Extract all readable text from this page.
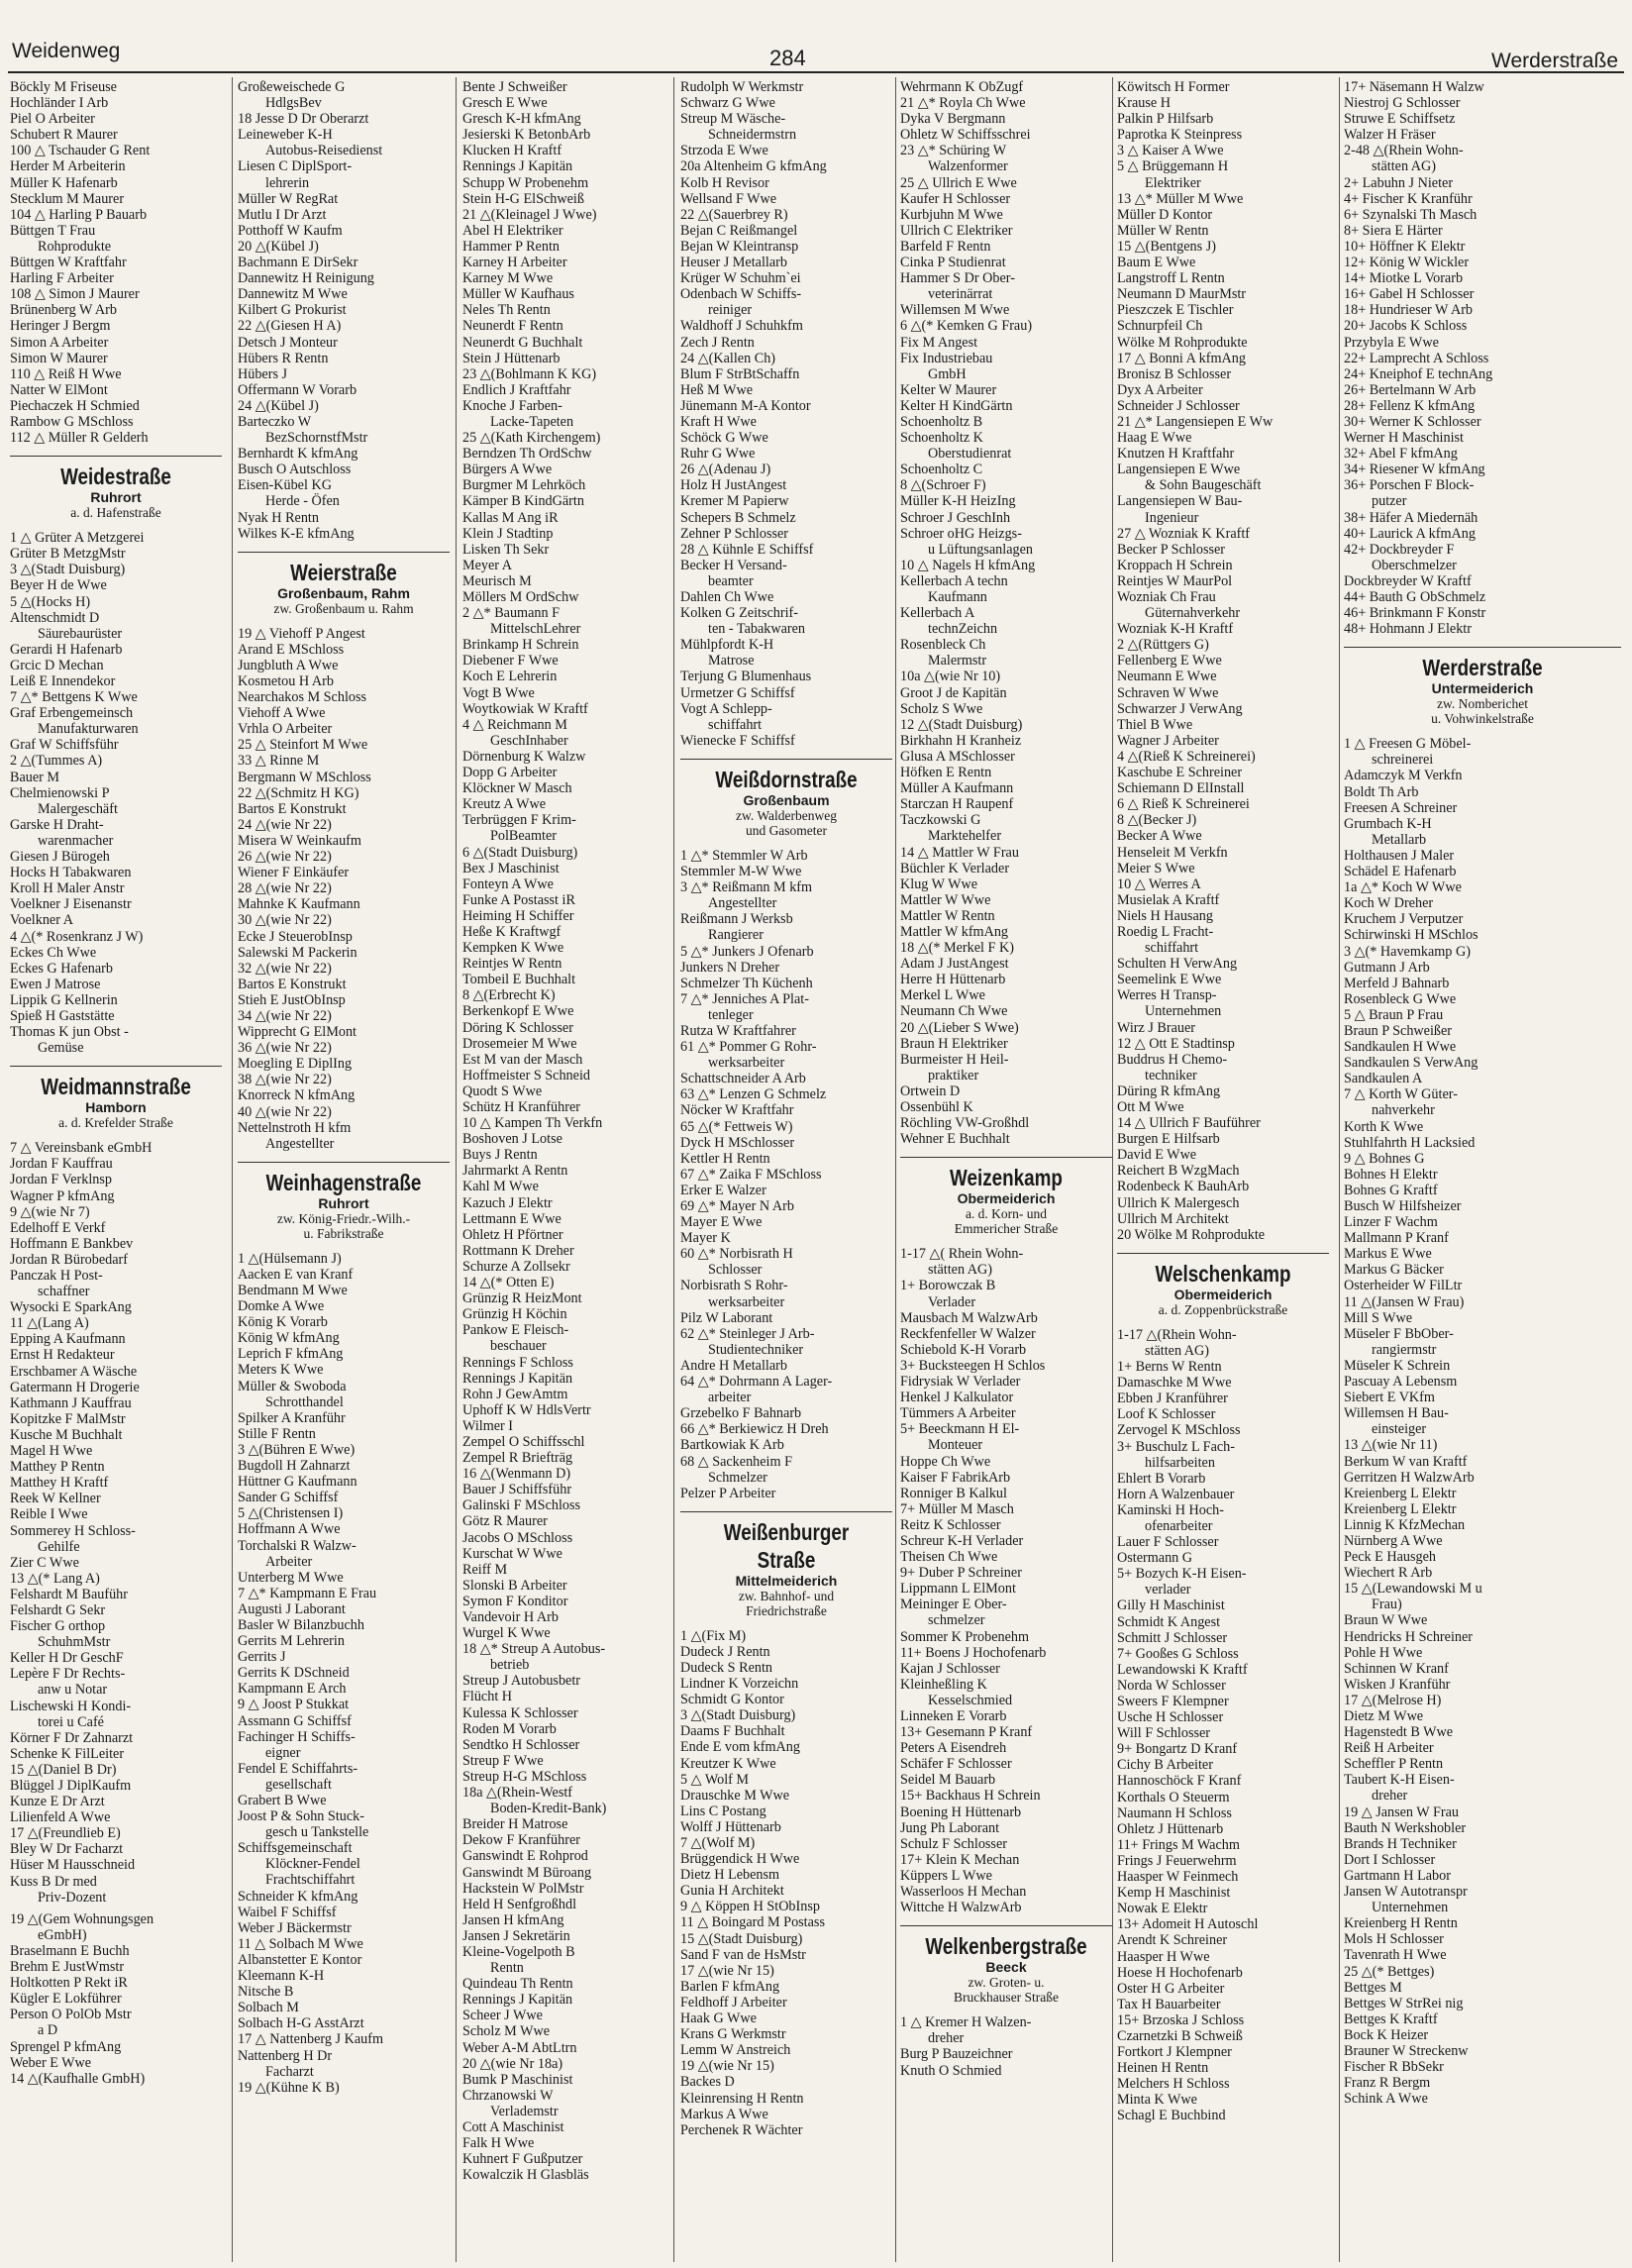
Weidenweg	284	Werderstraße
Böckly M Friseuse
Hochländer I Arb
Piel O Arbeiter
Schubert R Maurer
100 △ Tschauder G Rent
Herder M Arbeiterin
Müller K Hafenarb
Stecklum M Maurer
104 △ Harling P Bauarb
Büttgen T Frau
Rohprodukte
Büttgen W Kraftfahr
Harling F Arbeiter
108 △ Simon J Maurer
Brünenberg W Arb
Heringer J Bergm
Simon A Arbeiter
Simon W Maurer
110 △ Reiß H Wwe
Natter W ElMont
Piechaczek H Schmied
Rambow G MSchloss
112 △ Müller R Gelderh
Weidestraße
Ruhrort
a. d. Hafenstraße
1 △ Grüter A Metzgerei
Grüter B MetzgMstr
3 △(Stadt Duisburg)
Beyer H de Wwe
5 △(Hocks H)
Altenschmidt D
Säurebaurüster
Gerardi H Hafenarb
Grcic D Mechan
Leiß E Innendekor
7 △* Bettgens K Wwe
Graf Erbengemeinsch
Manufakturwaren
Graf W Schiffsführ
2 △(Tummes A)
Bauer M
Chelmienowski P
Malergeschäft
Garske H Draht-
warenmacher
Giesen J Bürogeh
Hocks H Tabakwaren
Kroll H Maler Anstr
Voelkner J Eisenanstr
Voelkner A
4 △(* Rosenkranz J W)
Eckes Ch Wwe
Eckes G Hafenarb
Ewen J Matrose
Lippik G Kellnerin
Spieß H Gaststätte
Thomas K jun Obst -
Gemüse
Weidmannstraße
Hamborn
a. d. Krefelder Straße
7 △ Vereinsbank eGmbH
Jordan F Kauffrau
Jordan F Verklnsp
Wagner P kfmAng
9 △(wie Nr 7)
Edelhoff E Verkf
Hoffmann E Bankbev
Jordan R Bürobedarf
Panczak H Post-
schaffner
Wysocki E SparkAng
11 △(Lang A)
Epping A Kaufmann
Ernst H Redakteur
Erschbamer A Wäsche
Gatermann H Drogerie
Kathmann J Kauffrau
Kopitzke F MalMstr
Kusche M Buchhalt
Magel H Wwe
Matthey P Rentn
Matthey H Kraftf
Reek W Kellner
Reible I Wwe
Sommerey H Schloss-
Gehilfe
Zier C Wwe
13 △(* Lang A)
Felshardt M Bauführ
Felshardt G Sekr
Fischer G orthop
SchuhmMstr
Keller H Dr GeschF
Lepère F Dr Rechts-
anw u Notar
Lischewski H Kondi-
torei u Café
Körner F Dr Zahnarzt
Schenke K FilLeiter
15 △(Daniel B Dr)
Blüggel J DiplKaufm
Kunze E Dr Arzt
Lilienfeld A Wwe
17 △(Freundlieb E)
Bley W Dr Facharzt
Hüser M Hausschneid
Kuss B Dr med
Priv-Dozent
19 △(Gem Wohnungsgen
eGmbH)
Braselmann E Buchh
Brehm E JustWmstr
Holtkotten P Rekt iR
Kügler E Lokführer
Person O PolOb Mstr
a D
Sprengel P kfmAng
Weber E Wwe
14 △(Kaufhalle GmbH)
Großeweischede G
HdlgsBev
18 Jesse D Dr Oberarzt
Leineweber K-H
Autobus-Reisedienst
Liesen C DiplSport-
lehrerin
Müller W RegRat
Mutlu I Dr Arzt
Potthoff W Kaufm
20 △(Kübel J)
Bachmann E DirSekr
Dannewitz H Reinigung
Dannewitz M Wwe
Kilbert G Prokurist
22 △(Giesen H A)
Detsch J Monteur
Hübers R Rentn
Hübers J
Offermann W Vorarb
24 △(Kübel J)
Barteczko W
BezSchornstfMstr
Bernhardt K kfmAng
Busch O Autschloss
Eisen-Kübel KG
Herde - Öfen
Nyak H Rentn
Wilkes K-E kfmAng
Weierstraße
Großenbaum, Rahm
zw. Großenbaum u. Rahm
19 △ Viehoff P Angest
Arand E MSchloss
Jungbluth A Wwe
Kosmetou H Arb
Nearchakos M Schloss
Viehoff A Wwe
Vrhla O Arbeiter
25 △ Steinfort M Wwe
33 △ Rinne M
Bergmann W MSchloss
22 △(Schmitz H KG)
Bartos E Konstrukt
24 △(wie Nr 22)
Misera W Weinkaufm
26 △(wie Nr 22)
Wiener F Einkäufer
28 △(wie Nr 22)
Mahnke K Kaufmann
30 △(wie Nr 22)
Ecke J SteuerobInsp
Salewski M Packerin
32 △(wie Nr 22)
Bartos E Konstrukt
Stieh E JustObInsp
34 △(wie Nr 22)
Wipprecht G ElMont
36 △(wie Nr 22)
Moegling E DiplIng
38 △(wie Nr 22)
Knorreck N kfmAng
40 △(wie Nr 22)
Nettelnstroth H kfm
Angestellter
Weinhagenstraße
Ruhrort
zw. König-Friedr.-Wilh.-
u. Fabrikstraße
1 △(Hülsemann J)
Aacken E van Kranf
Bendmann M Wwe
Domke A Wwe
König K Vorarb
König W kfmAng
Leprich F kfmAng
Meters K Wwe
Müller & Swoboda
Schrotthandel
Spilker A Kranführ
Stille F Rentn
3 △(Bühren E Wwe)
Bugdoll H Zahnarzt
Hüttner G Kaufmann
Sander G Schiffsf
5 △(Christensen I)
Hoffmann A Wwe
Torchalski R Walzw-
Arbeiter
Unterberg M Wwe
7 △* Kampmann E Frau
Augusti J Laborant
Basler W Bilanzbuchh
Gerrits M Lehrerin
Gerrits J
Gerrits K DSchneid
Kampmann E Arch
9 △ Joost P Stukkat
Assmann G Schiffsf
Fachinger H Schiffs-
eigner
Fendel E Schiffahrts-
gesellschaft
Grabert B Wwe
Joost P & Sohn Stuck-
gesch u Tankstelle
Schiffsgemeinschaft
Klöckner-Fendel
Frachtschiffahrt
Schneider K kfmAng
Waibel F Schiffsf
Weber J Bäckermstr
11 △ Solbach M Wwe
Albanstetter E Kontor
Kleemann K-H
Nitsche B
Solbach M
Solbach H-G AsstArzt
17 △ Nattenberg J Kaufm
Nattenberg H Dr
Facharzt
19 △(Kühne K B)
Bente J Schweißer
Gresch E Wwe
Gresch K-H kfmAng
Jesierski K BetonbArb
Klucken H Kraftf
Rennings J Kapitän
Schupp W Probenehm
Stein H-G ElSchweiß
21 △(Kleinagel J Wwe)
Abel H Elektriker
Hammer P Rentn
Karney H Arbeiter
Karney M Wwe
Müller W Kaufhaus
Neles Th Rentn
Neunerdt F Rentn
Neunerdt G Buchhalt
Stein J Hüttenarb
23 △(Bohlmann K KG)
Endlich J Kraftfahr
Knoche J Farben-
Lacke-Tapeten
25 △(Kath Kirchengem)
Berndzen Th OrdSchw
Bürgers A Wwe
Burgmer M Lehrköch
Kämper B KindGärtn
Kallas M Ang iR
Klein J Stadtinp
Lisken Th Sekr
Meyer A
Meurisch M
Möllers M OrdSchw
2 △* Baumann F
MittelschLehrer
Brinkamp H Schrein
Diebener F Wwe
Koch E Lehrerin
Vogt B Wwe
Woytkowiak W Kraftf
4 △ Reichmann M
GeschInhaber
Dörnenburg K Walzw
Dopp G Arbeiter
Klöckner W Masch
Kreutz A Wwe
Terbrüggen F Krim-
PolBeamter
6 △(Stadt Duisburg)
Bex J Maschinist
Fonteyn A Wwe
Funke A Postasst iR
Heiming H Schiffer
Heße K Kraftwgf
Kempken K Wwe
Reintjes W Rentn
Tombeil E Buchhalt
8 △(Erbrecht K)
Berkenkopf E Wwe
Döring K Schlosser
Drosemeier M Wwe
Est M van der Masch
Hoffmeister S Schneid
Quodt S Wwe
Schütz H Kranführer
10 △ Kampen Th Verkfn
Boshoven J Lotse
Buys J Rentn
Jahrmarkt A Rentn
Kahl M Wwe
Kazuch J Elektr
Lettmann E Wwe
Ohletz H Pförtner
Rottmann K Dreher
Schurze A Zollsekr
14 △(* Otten E)
Grünzig R HeizMont
Grünzig H Köchin
Pankow E Fleisch-
beschauer
Rennings F Schloss
Rennings J Kapitän
Rohn J GewAmtm
Uphoff K W HdlsVertr
Wilmer I
Zempel O Schiffsschl
Zempel R Briefträg
16 △(Wenmann D)
Bauer J Schiffsführ
Galinski F MSchloss
Götz R Maurer
Jacobs O MSchloss
Kurschat W Wwe
Reiff M
Slonski B Arbeiter
Symon F Konditor
Vandevoir H Arb
Wurgel K Wwe
18 △* Streup A Autobus-
betrieb
Streup J Autobusbetr
Flücht H
Kulessa K Schlosser
Roden M Vorarb
Sendtko H Schlosser
Streup F Wwe
Streup H-G MSchloss
18a △(Rhein-Westf
Boden-Kredit-Bank)
Breider H Matrose
Dekow F Kranführer
Ganswindt E Rohprod
Ganswindt M Büroang
Hackstein W PolMstr
Held H Senfgroßhdl
Jansen H kfmAng
Jansen J Sekretärin
Kleine-Vogelpoth B
Rentn
Quindeau Th Rentn
Rennings J Kapitän
Scheer J Wwe
Scholz M Wwe
Weber A-M AbtLtrn
20 △(wie Nr 18a)
Bumk P Maschinist
Chrzanowski W
Verlademstr
Cott A Maschinist
Falk H Wwe
Kuhnert F Gußputzer
Kowalczik H Glasbläs
Rudolph W Werkmstr
Schwarz G Wwe
Streup M Wäsche-
Schneidermstrn
Strzoda E Wwe
20a Altenheim G kfmAng
Kolb H Revisor
Wellsand F Wwe
22 △(Sauerbrey R)
Bejan C Reißmangel
Bejan W Kleintransp
Heuser J Metallarb
Krüger W Schuhm`ei
Odenbach W Schiffs-
reiniger
Waldhoff J Schuhkfm
Zech J Rentn
24 △(Kallen Ch)
Blum F StrBtSchaffn
Heß M Wwe
Jünemann M-A Kontor
Kraft H Wwe
Schöck G Wwe
Ruhr G Wwe
26 △(Adenau J)
Holz H JustAngest
Kremer M Papierw
Schepers B Schmelz
Zehner P Schlosser
28 △ Kühnle E Schiffsf
Becker H Versand-
beamter
Dahlen Ch Wwe
Kolken G Zeitschrif-
ten - Tabakwaren
Mühlpfordt K-H
Matrose
Terjung G Blumenhaus
Urmetzer G Schiffsf
Vogt A Schlepp-
schiffahrt
Wienecke F Schiffsf
Weißdornstraße
Großenbaum
zw. Walderbenweg
und Gasometer
1 △* Stemmler W Arb
Stemmler M-W Wwe
3 △* Reißmann M kfm
Angestellter
Reißmann J Werksb
Rangierer
5 △* Junkers J Ofenarb
Junkers N Dreher
Schmelzer Th Küchenh
7 △* Jenniches A Plat-
tenleger
Rutza W Kraftfahrer
61 △* Pommer G Rohr-
werksarbeiter
Schattschneider A Arb
63 △* Lenzen G Schmelz
Nöcker W Kraftfahr
65 △(* Fettweis W)
Dyck H MSchlosser
Kettler H Rentn
67 △* Zaika F MSchloss
Erker E Walzer
69 △* Mayer N Arb
Mayer E Wwe
Mayer K
60 △* Norbisrath H
Schlosser
Norbisrath S Rohr-
werksarbeiter
Pilz W Laborant
62 △* Steinleger J Arb-
Studientechniker
Andre H Metallarb
64 △* Dohrmann A Lager-
arbeiter
Grzebelko F Bahnarb
66 △* Berkiewicz H Dreh
Bartkowiak K Arb
68 △ Sackenheim F
Schmelzer
Pelzer P Arbeiter
Weißenburger Straße
Mittelmeiderich
zw. Bahnhof- und
Friedrichstraße
1 △(Fix M)
Dudeck J Rentn
Dudeck S Rentn
Lindner K Vorzeichn
Schmidt G Kontor
3 △(Stadt Duisburg)
Daams F Buchhalt
Ende E vom kfmAng
Kreutzer K Wwe
5 △ Wolf M
Drauschke M Wwe
Lins C Postang
Wolff J Hüttenarb
7 △(Wolf M)
Brüggendick H Wwe
Dietz H Lebensm
Gunia H Architekt
9 △ Köppen H StObInsp
11 △ Boingard M Postass
15 △(Stadt Duisburg)
Sand F van de HsMstr
17 △(wie Nr 15)
Barlen F kfmAng
Feldhoff J Arbeiter
Haak G Wwe
Krans G Werkmstr
Lemm W Anstreich
19 △(wie Nr 15)
Backes D
Kleinrensing H Rentn
Markus A Wwe
Perchenek R Wächter
Wehrmann K ObZugf
21 △* Royla Ch Wwe
Dyka V Bergmann
Ohletz W Schiffsschrei
23 △* Schüring W
Walzenformer
25 △ Ullrich E Wwe
Kaufer H Schlosser
Kurbjuhn M Wwe
Ullrich C Elektriker
Barfeld F Rentn
Cinka P Studienrat
Hammer S Dr Ober-
veterinärrat
Willemsen M Wwe
6 △(* Kemken G Frau)
Fix M Angest
Fix Industriebau
GmbH
Kelter W Maurer
Kelter H KindGärtn
Schoenholtz B
Schoenholtz K
Oberstudienrat
Schoenholtz C
8 △(Schroer F)
Müller K-H HeizIng
Schroer J GeschInh
Schroer oHG Heizgs-
u Lüftungsanlagen
10 △ Nagels H kfmAng
Kellerbach A techn
Kaufmann
Kellerbach A
technZeichn
Rosenbleck Ch
Malermstr
10a △(wie Nr 10)
Groot J de Kapitän
Scholz S Wwe
12 △(Stadt Duisburg)
Birkhahn H Kranheiz
Glusa A MSchlosser
Höfken E Rentn
Müller A Kaufmann
Starczan H Raupenf
Taczkowski G
Marktehelfer
14 △ Mattler W Frau
Büchler K Verlader
Klug W Wwe
Mattler W Wwe
Mattler W Rentn
Mattler W kfmAng
18 △(* Merkel F K)
Adam J JustAngest
Herre H Hüttenarb
Merkel L Wwe
Neumann Ch Wwe
20 △(Lieber S Wwe)
Braun H Elektriker
Burmeister H Heil-
praktiker
Ortwein D
Ossenbühl K
Röchling VW-Großhdl
Wehner E Buchhalt
Weizenkamp
Obermeiderich
a. d. Korn- und
Emmericher Straße
1-17 △( Rhein Wohn-
stätten AG)
1+ Borowczak B
Verlader
Mausbach M WalzwArb
Reckfenfeller W Walzer
Schiebold K-H Vorarb
3+ Bucksteegen H Schlos
Fidrysiak W Verlader
Henkel J Kalkulator
Tümmers A Arbeiter
5+ Beeckmann H El-
Monteuer
Hoppe Ch Wwe
Kaiser F FabrikArb
Ronniger B Kalkul
7+ Müller M Masch
Reitz K Schlosser
Schreur K-H Verlader
Theisen Ch Wwe
9+ Duber P Schreiner
Lippmann L ElMont
Meininger E Ober-
schmelzer
Sommer K Probenehm
11+ Boens J Hochofenarb
Kajan J Schlosser
Kleinheßling K
Kesselschmied
Linneken E Vorarb
13+ Gesemann P Kranf
Peters A Eisendreh
Schäfer F Schlosser
Seidel M Bauarb
15+ Backhaus H Schrein
Boening H Hüttenarb
Jung Ph Laborant
Schulz F Schlosser
17+ Klein K Mechan
Küppers L Wwe
Wasserloos H Mechan
Wittche H WalzwArb
Welkenbergstraße
Beeck
zw. Groten- u.
Bruckhauser Straße
1 △ Kremer H Walzen-
dreher
Burg P Bauzeichner
Knuth O Schmied
Köwitsch H Former
Krause H
Palkin P Hilfsarb
Paprotka K Steinpress
3 △ Kaiser A Wwe
5 △ Brüggemann H
Elektriker
13 △* Müller M Wwe
Müller D Kontor
Müller W Rentn
15 △(Bentgens J)
Baum E Wwe
Langstroff L Rentn
Neumann D MaurMstr
Pieszczek E Tischler
Schnurpfeil Ch
Wölke M Rohprodukte
17 △ Bonni A kfmAng
Bronisz B Schlosser
Dyx A Arbeiter
Schneider J Schlosser
21 △* Langensiepen E Ww
Haag E Wwe
Knutzen H Kraftfahr
Langensiepen E Wwe
& Sohn Baugeschäft
Langensiepen W Bau-
Ingenieur
27 △ Wozniak K Kraftf
Becker P Schlosser
Kroppach H Schrein
Reintjes W MaurPol
Wozniak Ch Frau
Güternahverkehr
Wozniak K-H Kraftf
2 △(Rüttgers G)
Fellenberg E Wwe
Neumann E Wwe
Schraven W Wwe
Schwarzer J VerwAng
Thiel B Wwe
Wagner J Arbeiter
4 △(Rieß K Schreinerei)
Kaschube E Schreiner
Schiemann D ElInstall
6 △ Rieß K Schreinerei
8 △(Becker J)
Becker A Wwe
Henseleit M Verkfn
Meier S Wwe
10 △ Werres A
Musielak A Kraftf
Niels H Hausang
Roedig L Fracht-
schiffahrt
Schulten H VerwAng
Seemelink E Wwe
Werres H Transp-
Unternehmen
Wirz J Brauer
12 △ Ott E Stadtinsp
Buddrus H Chemo-
techniker
Düring R kfmAng
Ott M Wwe
14 △ Ullrich F Bauführer
Burgen E Hilfsarb
David E Wwe
Reichert B WzgMach
Rodenbeck K BauhArb
Ullrich K Malergesch
Ullrich M Architekt
20 Wölke M Rohprodukte
Welschenkamp
Obermeiderich
a. d. Zoppenbrückstraße
1-17 △(Rhein Wohn-
stätten AG)
1+ Berns W Rentn
Damaschke M Wwe
Ebben J Kranführer
Loof K Schlosser
Zervogel K MSchloss
3+ Buschulz L Fach-
hilfsarbeiten
Ehlert B Vorarb
Horn A Walzenbauer
Kaminski H Hoch-
ofenarbeiter
Lauer F Schlosser
Ostermann G
5+ Bozych K-H Eisen-
verlader
Gilly H Maschinist
Schmidt K Angest
Schmitt J Schlosser
7+ Gooßes G Schloss
Lewandowski K Kraftf
Norda W Schlosser
Sweers F Klempner
Usche H Schlosser
Will F Schlosser
9+ Bongartz D Kranf
Cichy B Arbeiter
Hannoschöck F Kranf
Korthals O Steuerm
Naumann H Schloss
Ohletz J Hüttenarb
11+ Frings M Wachm
Frings J Feuerwehrm
Haasper W Feinmech
Kemp H Maschinist
Nowak E Elektr
13+ Adomeit H Autoschl
Arendt K Schreiner
Haasper H Wwe
Hoese H Hochofenarb
Oster H G Arbeiter
Tax H Bauarbeiter
15+ Brzoska J Schloss
Czarnetzki B Schweiß
Fortkort J Klempner
Heinen H Rentn
Melchers H Schloss
Minta K Wwe
Schagl E Buchbind
17+ Näsemann H Walzw
Niestroj G Schlosser
Struwe E Schiffsetz
Walzer H Fräser
2-48 △(Rhein Wohn-
stätten AG)
2+ Labuhn J Nieter
4+ Fischer K Kranführ
6+ Szynalski Th Masch
8+ Siera E Härter
10+ Höffner K Elektr
12+ König W Wickler
14+ Miotke L Vorarb
16+ Gabel H Schlosser
18+ Hundrieser W Arb
20+ Jacobs K Schloss
Przybyla E Wwe
22+ Lamprecht A Schloss
24+ Kneiphof E technAng
26+ Bertelmann W Arb
28+ Fellenz K kfmAng
30+ Werner K Schlosser
Werner H Maschinist
32+ Abel F kfmAng
34+ Riesener W kfmAng
36+ Porschen F Block-
putzer
38+ Häfer A Miedernäh
40+ Laurick A kfmAng
42+ Dockbreyder F
Oberschmelzer
Dockbreyder W Kraftf
44+ Bauth G ObSchmelz
46+ Brinkmann F Konstr
48+ Hohmann J Elektr
Werderstraße
Untermeiderich
zw. Nomberichet
u. Vohwinkelstraße
1 △ Freesen G Möbel-
schreinerei
Adamczyk M Verkfn
Boldt Th Arb
Freesen A Schreiner
Grumbach K-H
Metallarb
Holthausen J Maler
Schädel E Hafenarb
1a △* Koch W Wwe
Koch W Dreher
Kruchem J Verputzer
Schirwinski H MSchlos
3 △(* Havemkamp G)
Gutmann J Arb
Merfeld J Bahnarb
Rosenbleck G Wwe
5 △ Braun P Frau
Braun P Schweißer
Sandkaulen H Wwe
Sandkaulen S VerwAng
Sandkaulen A
7 △ Korth W Güter-
nahverkehr
Korth K Wwe
Stuhlfahrth H Lacksied
9 △ Bohnes G
Bohnes H Elektr
Bohnes G Kraftf
Busch W Hilfsheizer
Linzer F Wachm
Mallmann P Kranf
Markus E Wwe
Markus G Bäcker
Osterheider W FilLtr
11 △(Jansen W Frau)
Mill S Wwe
Müseler F BbOber-
rangiermstr
Müseler K Schrein
Pascuay A Lebensm
Siebert E VKfm
Willemsen H Bau-
einsteiger
13 △(wie Nr 11)
Berkum W van Kraftf
Gerritzen H WalzwArb
Kreienberg L Elektr
Kreienberg L Elektr
Linnig K KfzMechan
Nürnberg A Wwe
Peck E Hausgeh
Wiechert R Arb
15 △(Lewandowski M u
Frau)
Braun W Wwe
Hendricks H Schreiner
Pohle H Wwe
Schinnen W Kranf
Wisken J Kranführ
17 △(Melrose H)
Dietz M Wwe
Hagenstedt B Wwe
Reiß H Arbeiter
Scheffler P Rentn
Taubert K-H Eisen-
dreher
19 △ Jansen W Frau
Bauth N Werkshobler
Brands H Techniker
Dort I Schlosser
Gartmann H Labor
Jansen W Autotranspr
Unternehmen
Kreienberg H Rentn
Mols H Schlosser
Tavenrath H Wwe
25 △(* Bettges)
Bettges M
Bettges W StrRei nig
Bettges K Kraftf
Bock K Heizer
Brauner W Streckenw
Fischer R BbSekr
Franz R Bergm
Schink A Wwe
